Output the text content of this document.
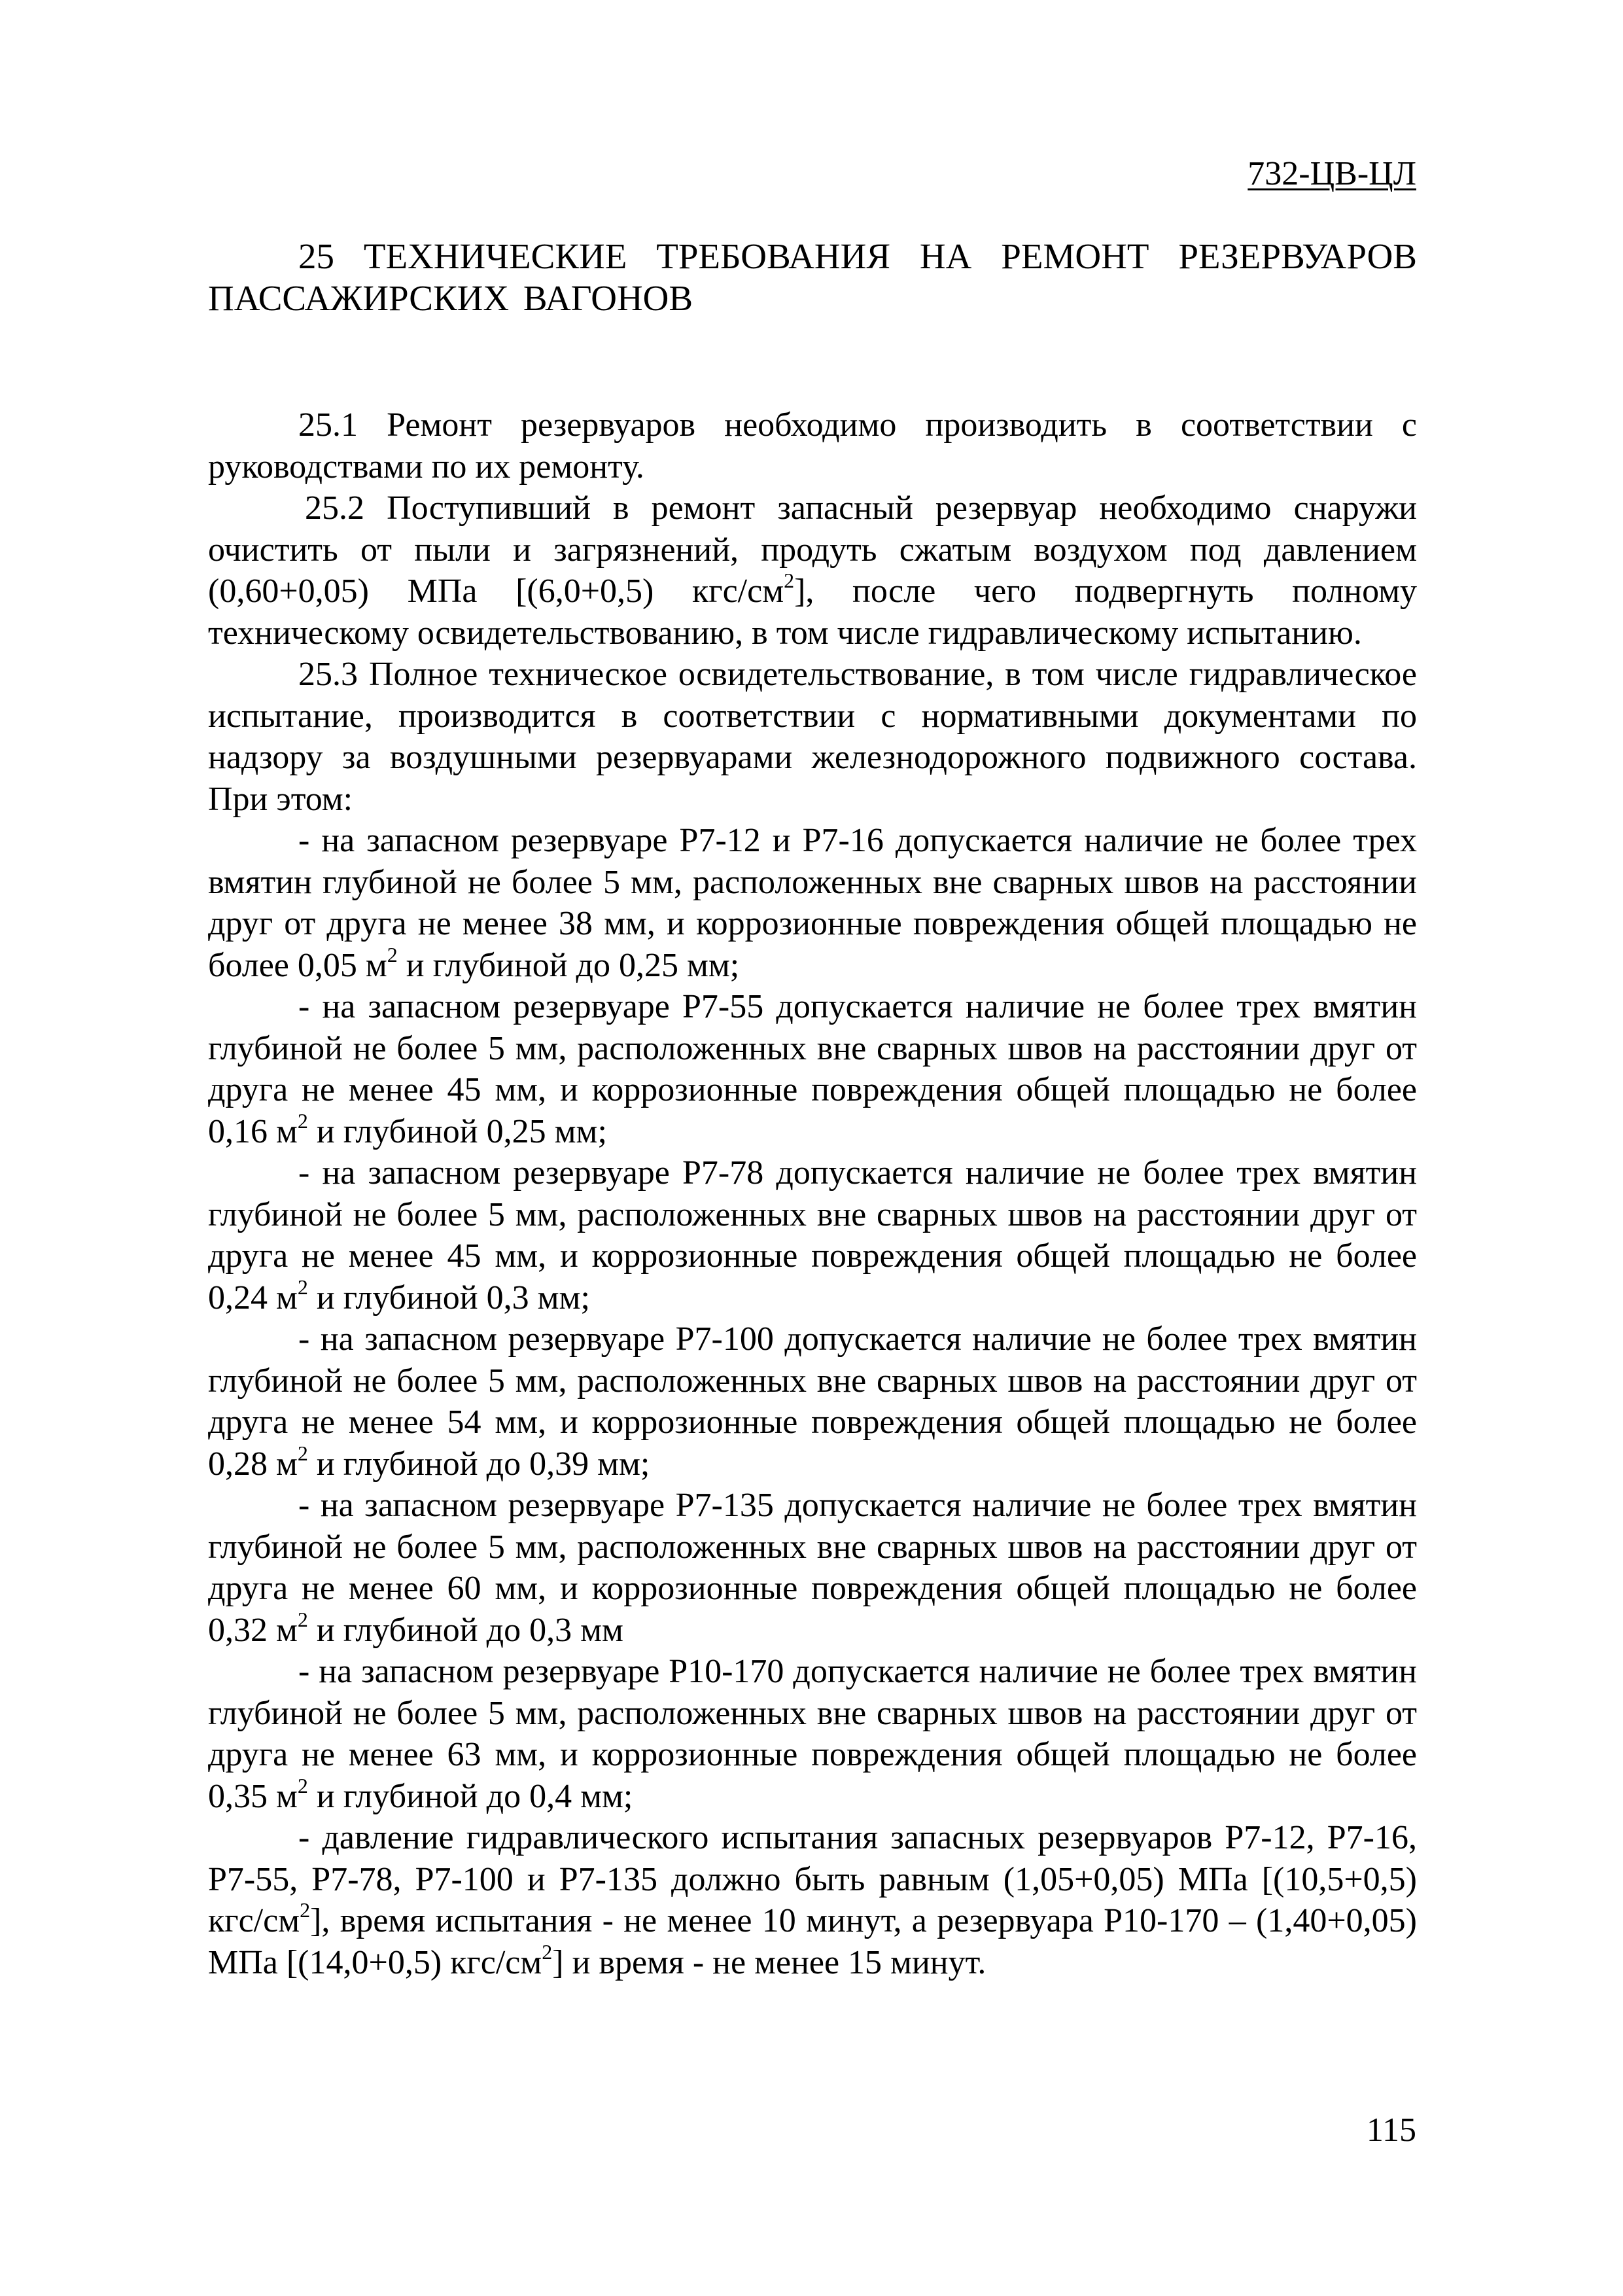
732-ЦВ-ЦЛ

25 ТЕХНИЧЕСКИЕ ТРЕБОВАНИЯ НА РЕМОНТ РЕЗЕРВУАРОВ ПАССАЖИРСКИХ ВАГОНОВ

25.1 Ремонт резервуаров необходимо производить в соответствии с руководствами по их ремонту.

25.2 Поступивший в ремонт запасный резервуар необходимо снаружи очистить от пыли и загрязнений, продуть сжатым воздухом под давлением (0,60+0,05) МПа [(6,0+0,5) кгс/$см^2$], после чего подвергнуть полному техническому освидетельствованию, в том числе гидравлическому испытанию.

25.3 Полное техническое освидетельствование, в том числе гидравлическое испытание, производится в соответствии с нормативными документами по надзору за воздушными резервуарами железнодорожного подвижного состава. При этом:

- на запасном резервуаре Р7-12 и Р7-16 допускается наличие не более трех вмятин глубиной не более 5 мм, расположенных вне сварных швов на расстоянии друг от друга не менее 38 мм, и коррозионные повреждения общей площадью не более 0,05 $м^2$ и глубиной до 0,25 мм;

- на запасном резервуаре Р7-55 допускается наличие не более трех вмятин глубиной не более 5 мм, расположенных вне сварных швов на расстоянии друг от друга не менее 45 мм, и коррозионные повреждения общей площадью не более 0,16 $м^2$ и глубиной 0,25 мм;

- на запасном резервуаре Р7-78 допускается наличие не более трех вмятин глубиной не более 5 мм, расположенных вне сварных швов на расстоянии друг от друга не менее 45 мм, и коррозионные повреждения общей площадью не более 0,24 $м^2$ и глубиной 0,3 мм;

- на запасном резервуаре Р7-100 допускается наличие не более трех вмятин глубиной не более 5 мм, расположенных вне сварных швов на расстоянии друг от друга не менее 54 мм, и коррозионные повреждения общей площадью не более 0,28 $м^2$ и глубиной до 0,39 мм;

- на запасном резервуаре Р7-135 допускается наличие не более трех вмятин глубиной не более 5 мм, расположенных вне сварных швов на расстоянии друг от друга не менее 60 мм, и коррозионные повреждения общей площадью не более 0,32 $м^2$ и глубиной до 0,3 мм

- на запасном резервуаре Р10-170 допускается наличие не более трех вмятин глубиной не более 5 мм, расположенных вне сварных швов на расстоянии друг от друга не менее 63 мм, и коррозионные повреждения общей площадью не более 0,35 $м^2$ и глубиной до 0,4 мм;

- давление гидравлического испытания запасных резервуаров Р7-12, Р7-16, Р7-55, Р7-78, Р7-100 и Р7-135 должно быть равным (1,05+0,05) МПа [(10,5+0,5) кгс/$см^2$], время испытания - не менее 10 минут, а резервуара Р10-170 – (1,40+0,05) МПа [(14,0+0,5) кгс/$см^2$] и время - не менее 15 минут.

115
